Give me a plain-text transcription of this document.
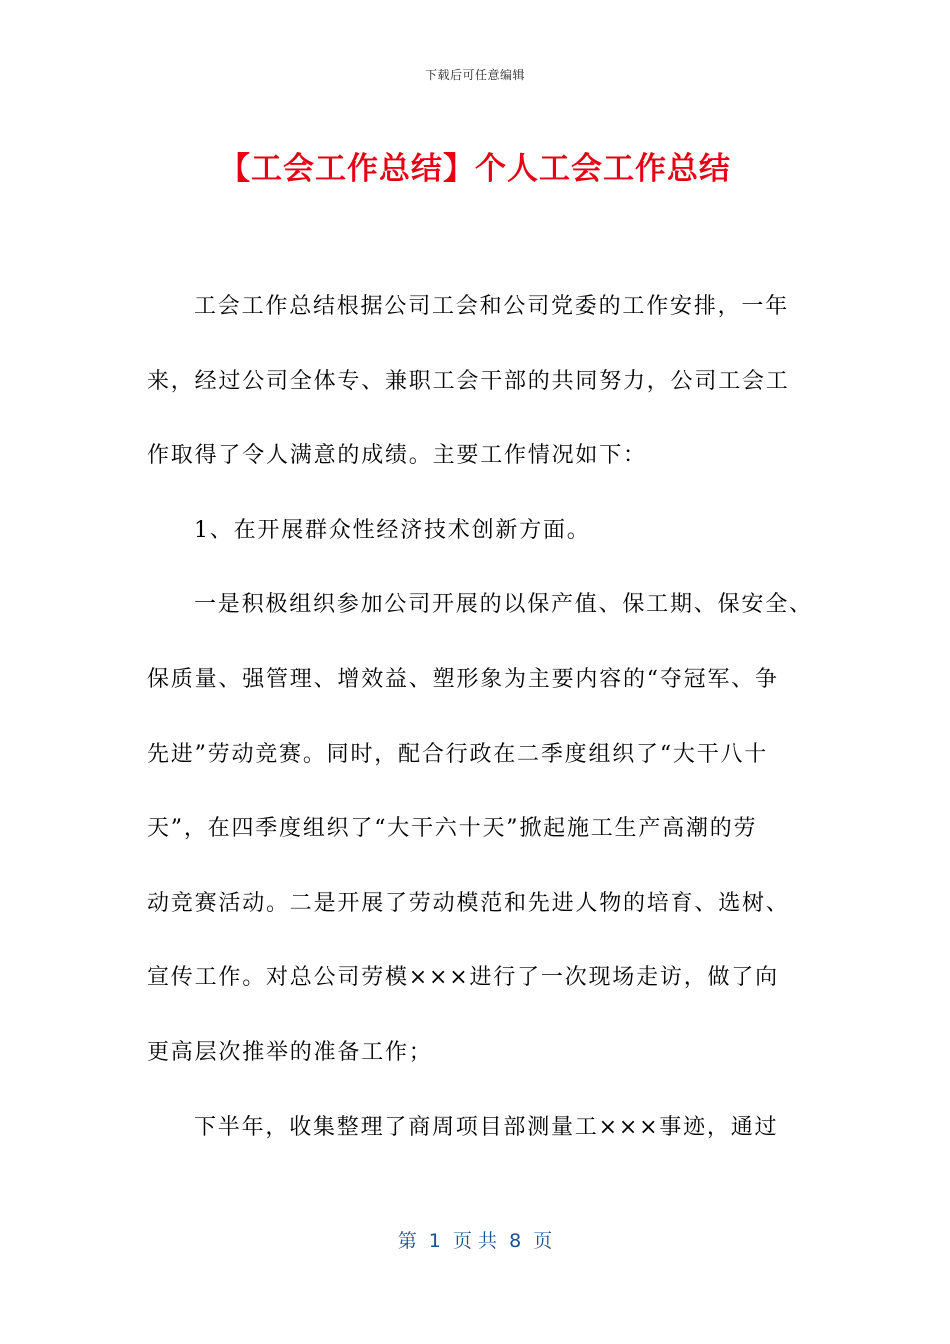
下载后可任意编辑
【工会工作总结】个人工会工作总结
工会工作总结根据公司工会和公司党委的工作安排，一年
来，经过公司全体专、兼职工会干部的共同努力，公司工会工
作取得了令人满意的成绩。主要工作情况如下：
1、在开展群众性经济技术创新方面。
一是积极组织参加公司开展的以保产值、保工期、保安全、
保质量、强管理、增效益、塑形象为主要内容的“夺冠军、争
先进”劳动竞赛。同时，配合行政在二季度组织了“大干八十
天”，在四季度组织了“大干六十天”掀起施工生产高潮的劳
动竞赛活动。二是开展了劳动模范和先进人物的培育、选树、
宣传工作。对总公司劳模×××进行了一次现场走访，做了向
更高层次推举的准备工作；
下半年，收集整理了商周项目部测量工×××事迹，通过
第  1  页 共  8  页
